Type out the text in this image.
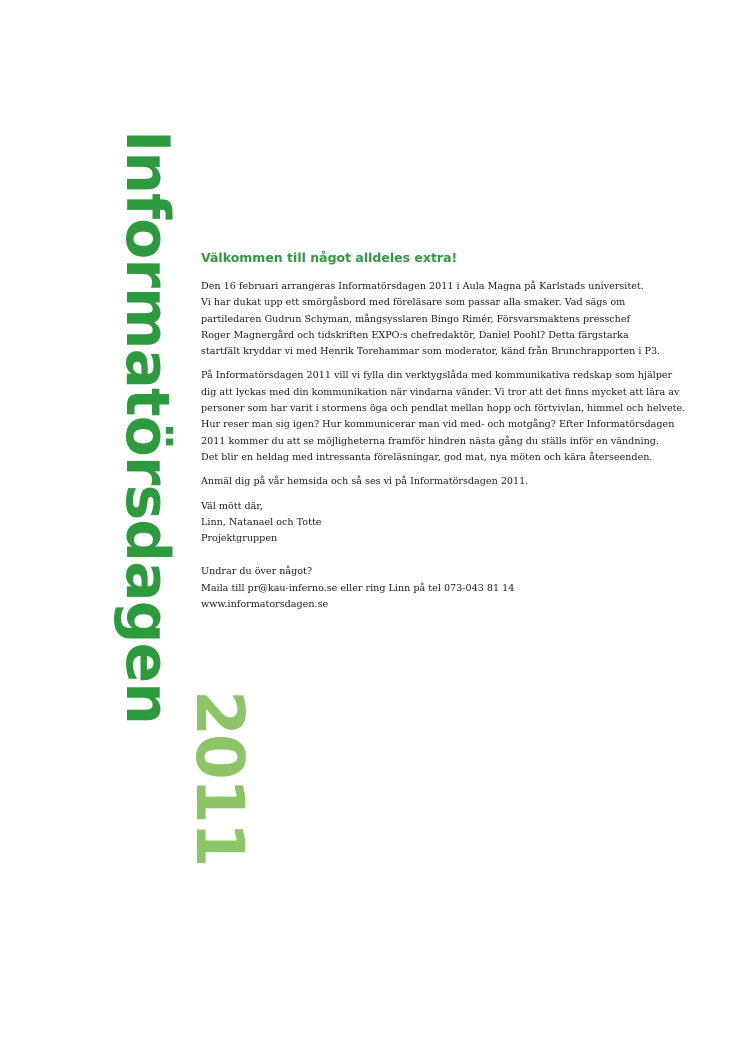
Informatörsdagen
2011
Välkommen till något alldeles extra!
Den 16 februari arrangeras Informatörsdagen 2011 i Aula Magna på Karlstads universitet.
Vi har dukat upp ett smörgåsbord med föreläsare som passar alla smaker. Vad sägs om
partiledaren Gudrun Schyman, mångsysslaren Bingo Rimér, Försvarsmaktens presschef
Roger Magnergård och tidskriften EXPO:s chefredaktör, Daniel Poohl? Detta färgstarka
startfält kryddar vi med Henrik Torehammar som moderator, känd från Brunchrapporten i P3.
På Informatörsdagen 2011 vill vi fylla din verktygslåda med kommunikativa redskap som hjälper
dig att lyckas med din kommunikation när vindarna vänder. Vi tror att det finns mycket att lära av
personer som har varit i stormens öga och pendlat mellan hopp och förtvivlan, himmel och helvete.
Hur reser man sig igen? Hur kommunicerar man vid med- och motgång? Efter Informatörsdagen
2011 kommer du att se möjligheterna framför hindren nästa gång du ställs inför en vändning.
Det blir en heldag med intressanta föreläsningar, god mat, nya möten och kära återseenden.
Anmäl dig på vår hemsida och så ses vi på Informatörsdagen 2011.
Väl mött där,
Linn, Natanael och Totte
Projektgruppen
Undrar du över något?
Maila till pr@kau-inferno.se eller ring Linn på tel 073-043 81 14
www.informatorsdagen.se
